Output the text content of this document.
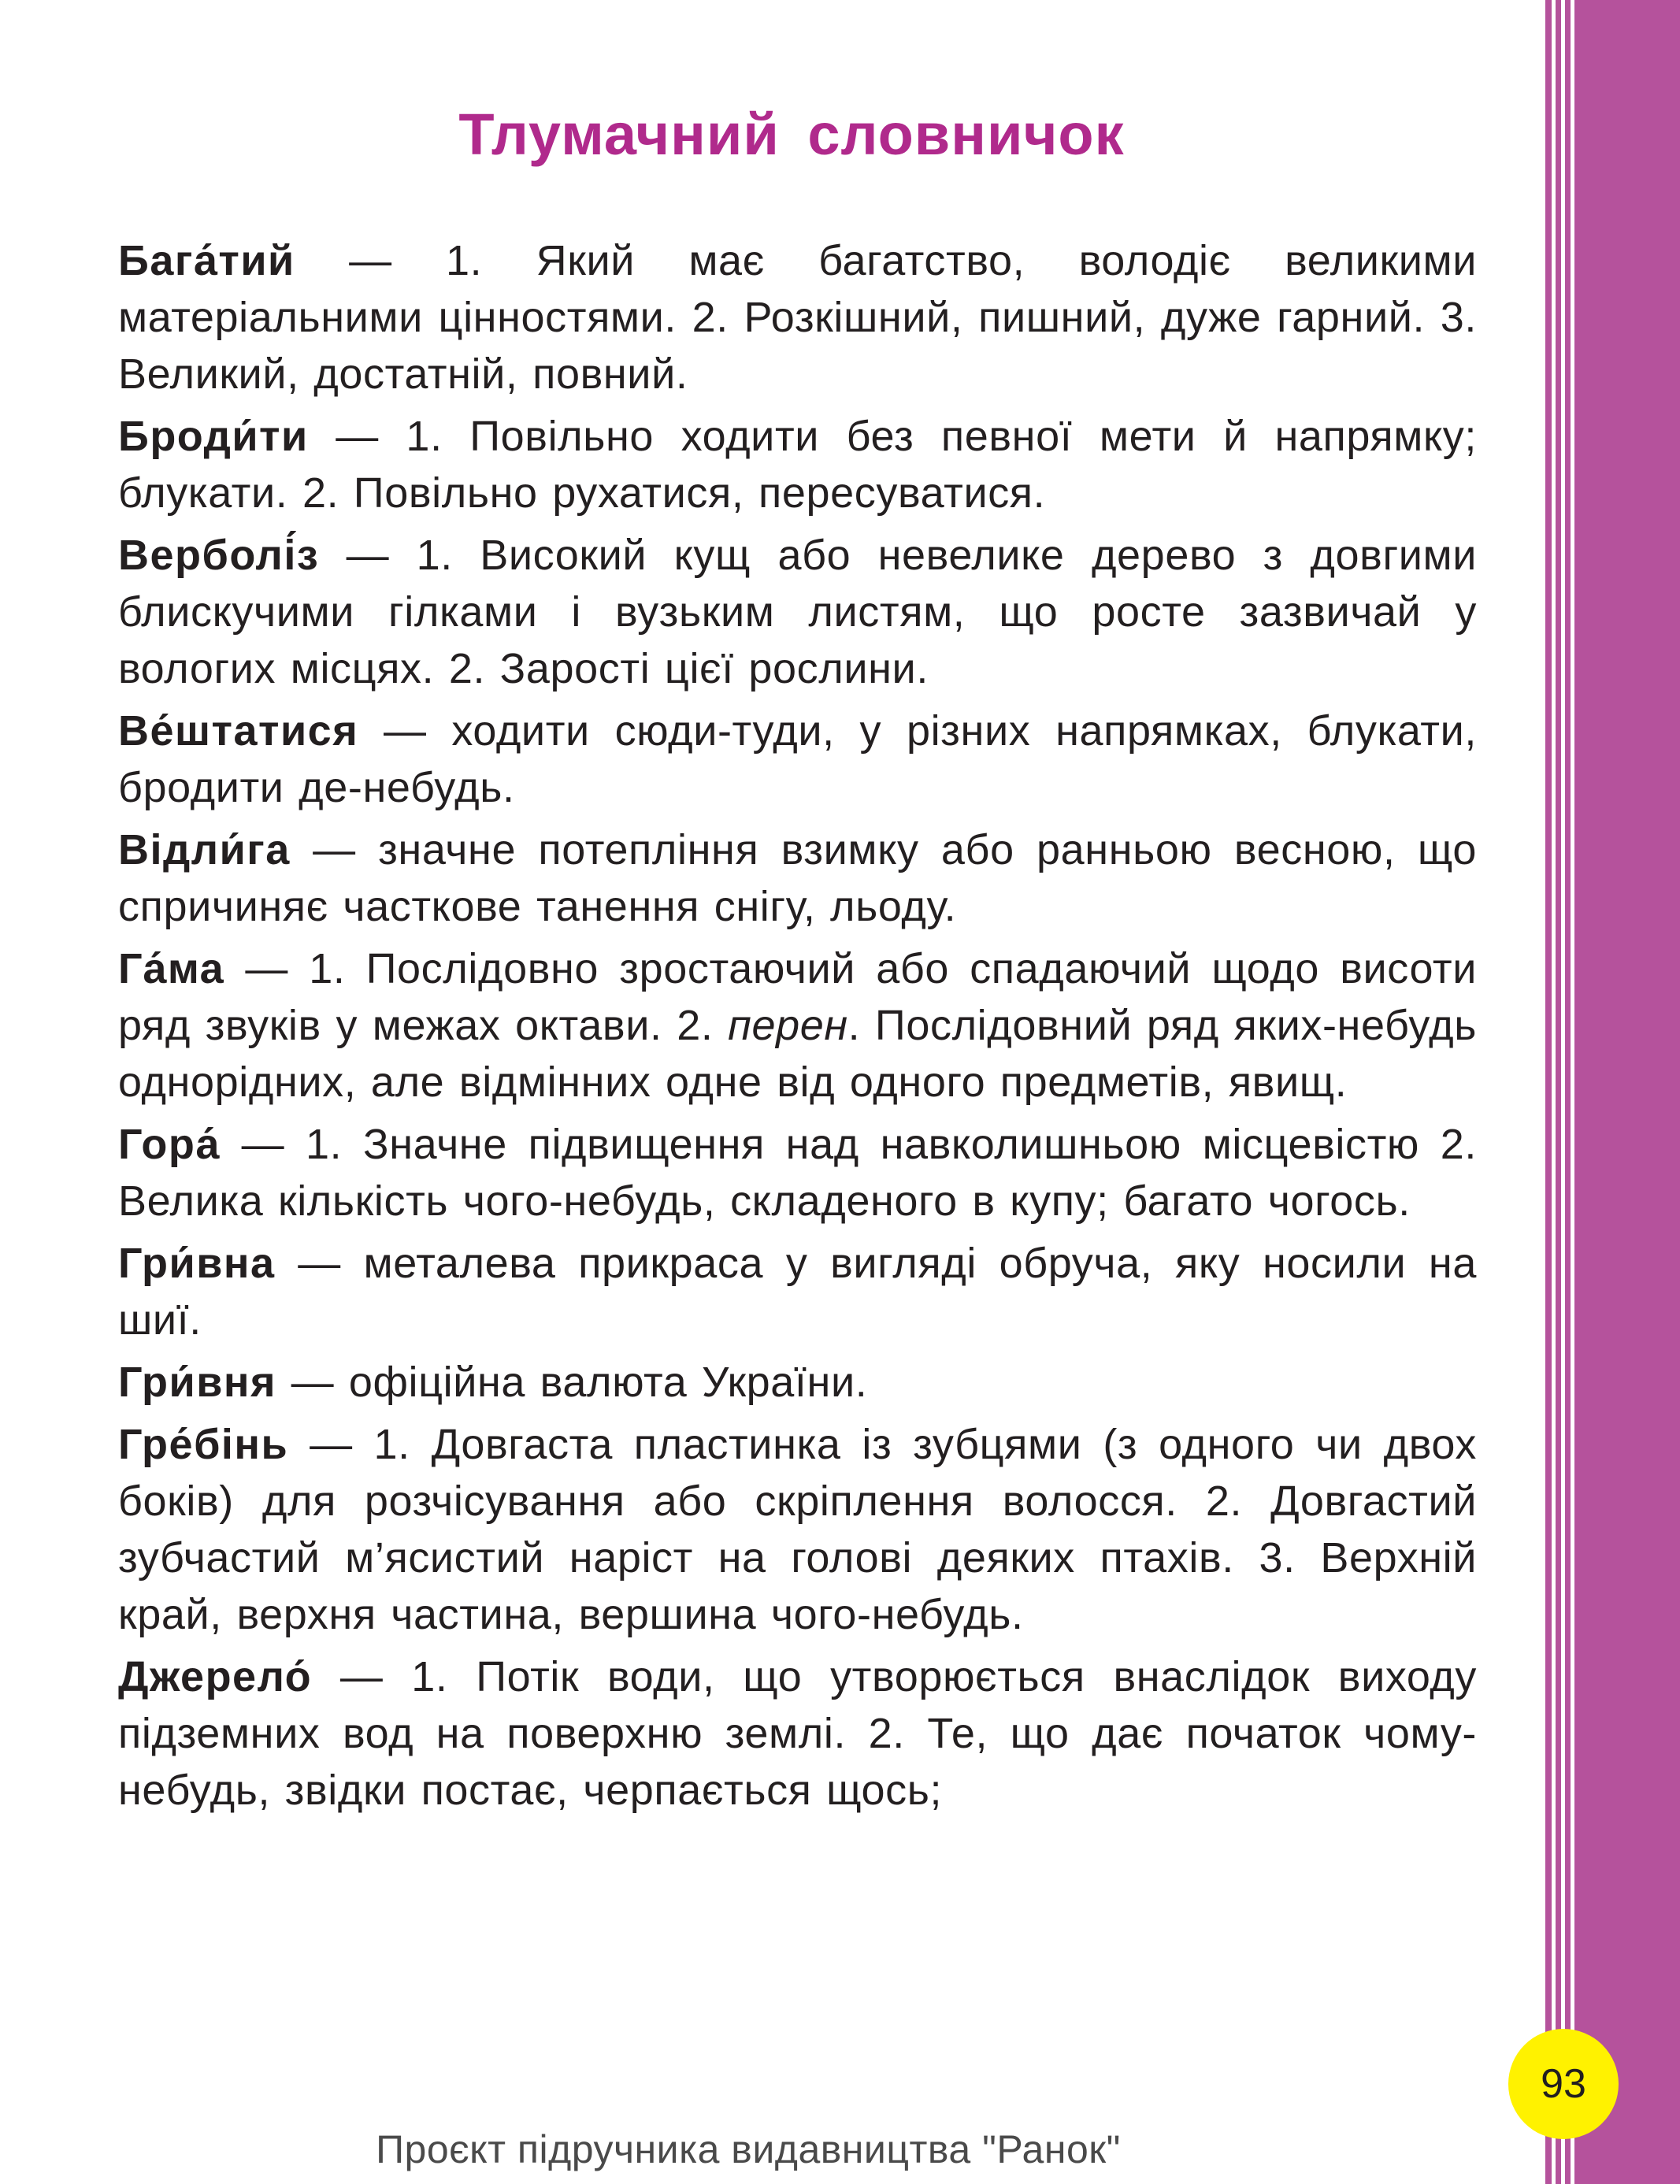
Тлумачний словничок

Бага́тий — 1. Який має багатство, володіє великими матеріальними цінностями. 2. Розкішний, пишний, дуже гарний. 3. Великий, достатній, повний.

Броди́ти — 1. Повільно ходити без певної мети й напрямку; блукати. 2. Повільно рухатися, пересуватися.

Верболі́з — 1. Високий кущ або невелике дерево з довгими блискучими гілками і вузьким листям, що росте зазвичай у вологих місцях. 2. Зарості цієї рослини.

Ве́штатися — ходити сюди-туди, у різних напрямках, блукати, бродити де-небудь.

Відли́га — значне потепління взимку або ранньою весною, що спричиняє часткове танення снігу, льоду.

Га́ма — 1. Послідовно зростаючий або спадаючий щодо висоти ряд звуків у межах октави. 2. перен. Послідовний ряд яких-небудь однорідних, але відмінних одне від одного предметів, явищ.

Гора́ — 1. Значне підвищення над навколишньою місцевістю 2. Велика кількість чого-небудь, складеного в купу; багато чогось.

Гри́вна — металева прикраса у вигляді обруча, яку носили на шиї.

Гри́вня — офіційна валюта України.

Гре́бінь — 1. Довгаста пластинка із зубцями (з одного чи двох боків) для розчісування або скріплення волосся. 2. Довгастий зубчастий м’ясистий наріст на голові деяких птахів. 3. Верхній край, верхня частина, вершина чого-небудь.

Джерело́ — 1. Потік води, що утворюється внаслідок виходу підземних вод на поверхню землі. 2. Те, що дає початок чому-небудь, звідки постає, черпається щось;

93
Проєкт підручника видавництва "Ранок"
